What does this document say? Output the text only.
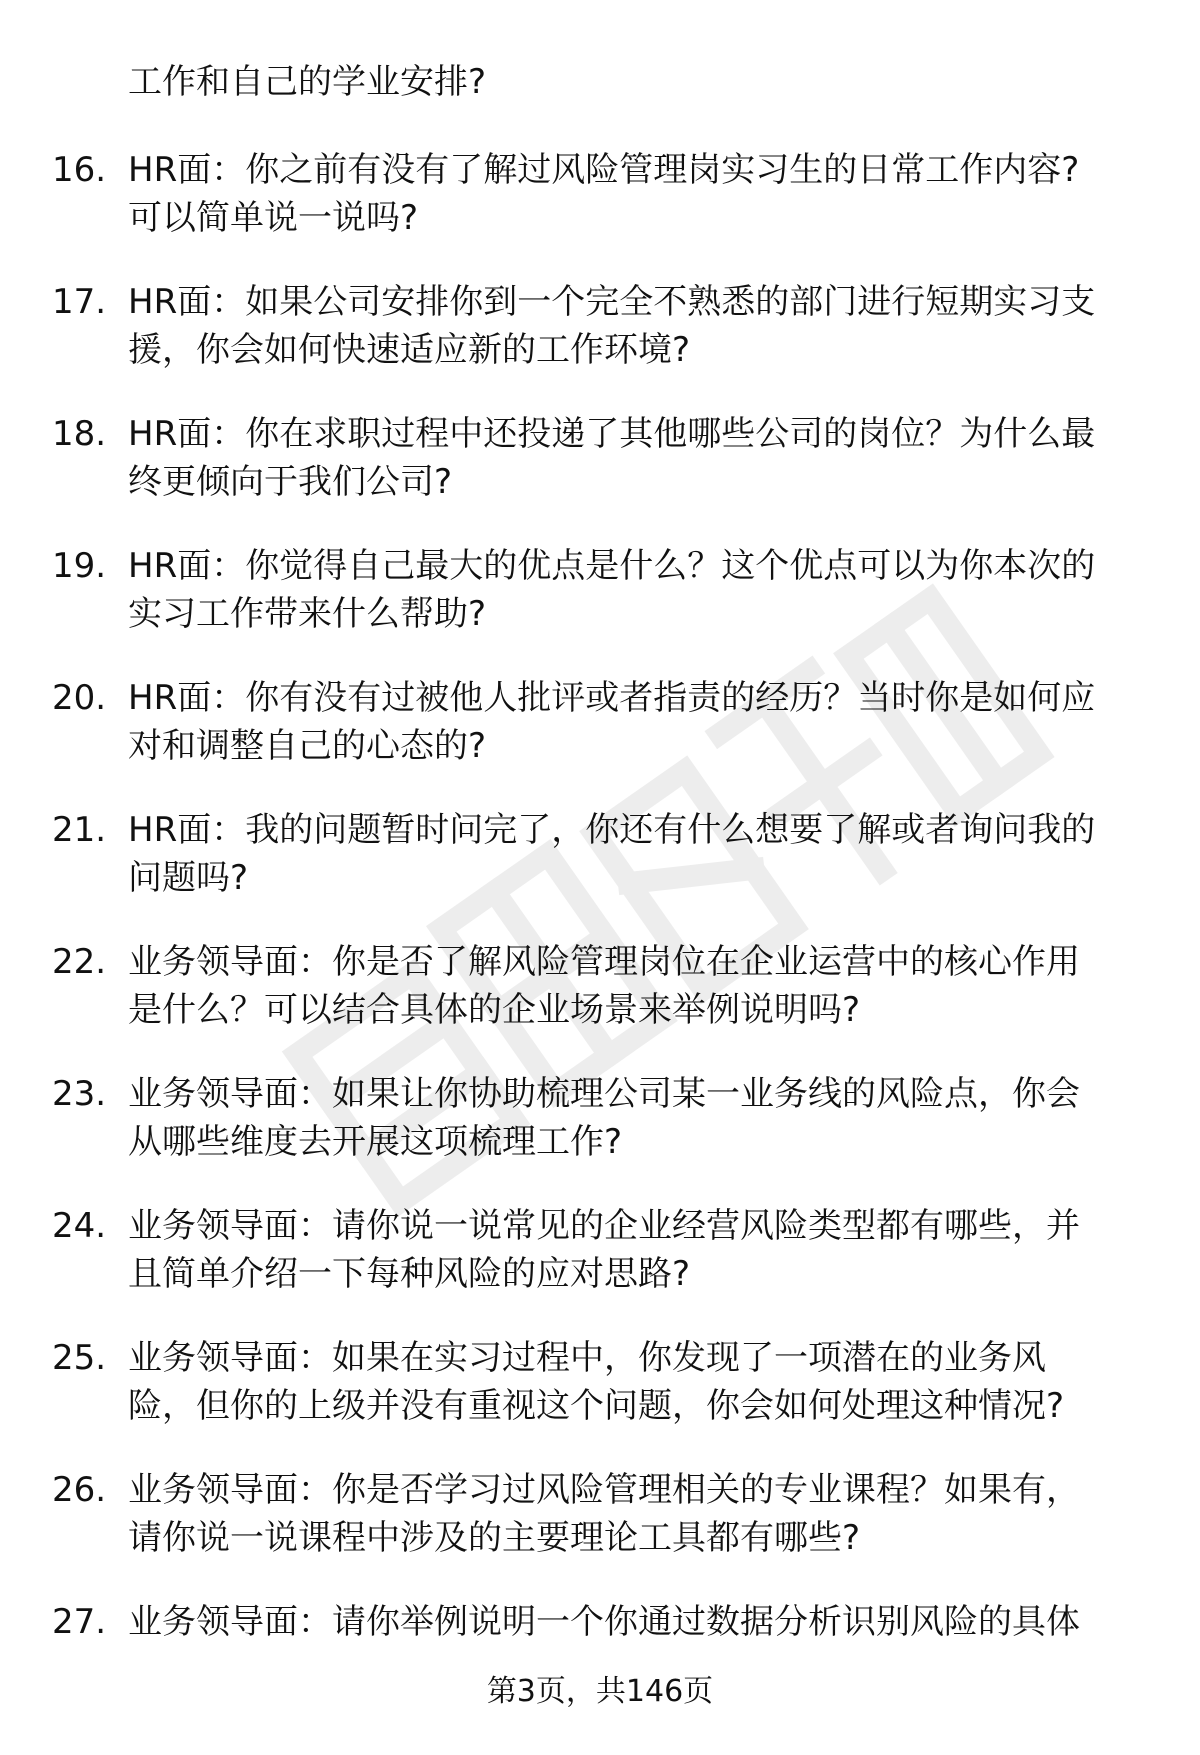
工作和自己的学业安排?
16. HR面：你之前有没有了解过风险管理岗实习生的日常工作内容?
可以简单说一说吗?
17. HR面：如果公司安排你到一个完全不熟悉的部门进行短期实习支
援，你会如何快速适应新的工作环境?
18. HR面：你在求职过程中还投递了其他哪些公司的岗位？为什么最
终更倾向于我们公司?
19. HR面：你觉得自己最大的优点是什么？这个优点可以为你本次的
实习工作带来什么帮助?
20. HR面：你有没有过被他人批评或者指责的经历？当时你是如何应
对和调整自己的心态的?
21. HR面：我的问题暂时问完了，你还有什么想要了解或者询问我的
问题吗?
22. 业务领导面：你是否了解风险管理岗位在企业运营中的核心作用
是什么？可以结合具体的企业场景来举例说明吗?
23. 业务领导面：如果让你协助梳理公司某一业务线的风险点，你会
从哪些维度去开展这项梳理工作?
24. 业务领导面：请你说一说常见的企业经营风险类型都有哪些，并
且简单介绍一下每种风险的应对思路?
25. 业务领导面：如果在实习过程中，你发现了一项潜在的业务风
险，但你的上级并没有重视这个问题，你会如何处理这种情况?
26. 业务领导面：你是否学习过风险管理相关的专业课程？如果有，
请你说一说课程中涉及的主要理论工具都有哪些?
27. 业务领导面：请你举例说明一个你通过数据分析识别风险的具体
第3页，共146页
